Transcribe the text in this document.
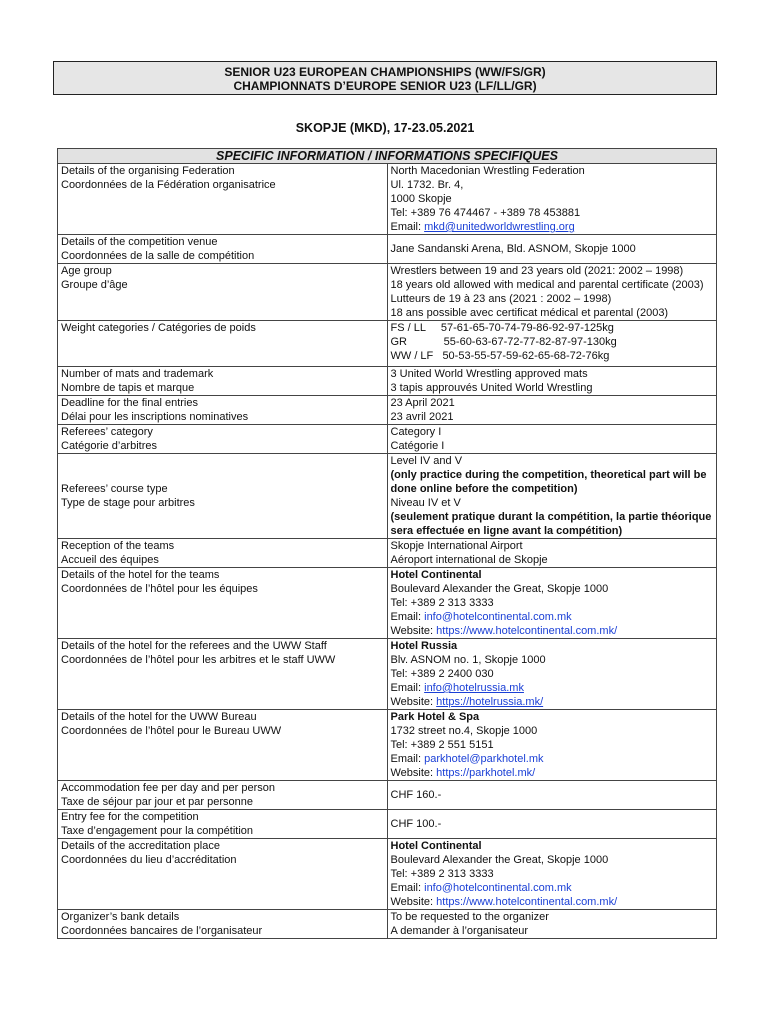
SENIOR U23 EUROPEAN CHAMPIONSHIPS (WW/FS/GR)
CHAMPIONNATS D’EUROPE SENIOR U23 (LF/LL/GR)
SKOPJE (MKD), 17-23.05.2021
SPECIFIC INFORMATION / INFORMATIONS SPECIFIQUES	

Details of the organising Federation
Coordonnées de la Fédération organisatrice	North Macedonian Wrestling Federation
Ul. 1732. Br. 4,
1000 Skopje
Tel: +389 76 474467 - +389 78 453881
Email: mkd@unitedworldwrestling.org

Details of the competition venue
Coordonnées de la salle de compétition	Jane Sandanski Arena, Bld. ASNOM, Skopje 1000

Age group
Groupe d’âge	Wrestlers between 19 and 23 years old (2021: 2002 – 1998)
18 years old allowed with medical and parental certificate (2003)
Lutteurs de 19 à 23 ans (2021 : 2002 – 1998)
18 ans possible avec certificat médical et parental (2003)

Weight categories / Catégories de poids	FS / LL     57-61-65-70-74-79-86-92-97-125kg
GR            55-60-63-67-72-77-82-87-97-130kg
WW / LF   50-53-55-57-59-62-65-68-72-76kg

Number of mats and trademark
Nombre de tapis et marque	3 United World Wrestling approved mats
3 tapis approuvés United World Wrestling

Deadline for the final entries
Délai pour les inscriptions nominatives	23 April 2021
23 avril 2021

Referees’ category
Catégorie d’arbitres	Category I
Catégorie I

Referees’ course type
Type de stage pour arbitres	Level IV and V
(only practice during the competition, theoretical part will be done online before the competition)
Niveau IV et V
(seulement pratique durant la compétition, la partie théorique sera effectuée en ligne avant la compétition)

Reception of the teams
Accueil des équipes	Skopje International Airport
Aéroport international de Skopje

Details of the hotel for the teams
Coordonnées de l’hôtel pour les équipes	Hotel Continental
Boulevard Alexander the Great, Skopje 1000
Tel: +389 2 313 3333
Email: info@hotelcontinental.com.mk
Website: https://www.hotelcontinental.com.mk/

Details of the hotel for the referees and the UWW Staff
Coordonnées de l’hôtel pour les arbitres et le staff UWW	Hotel Russia
Blv. ASNOM no. 1, Skopje 1000
Tel: +389 2 2400 030
Email: info@hotelrussia.mk
Website: https://hotelrussia.mk/

Details of the hotel for the UWW Bureau
Coordonnées de l’hôtel pour le Bureau UWW	Park Hotel & Spa
1732 street no.4, Skopje 1000
Tel: +389 2 551 5151
Email: parkhotel@parkhotel.mk
Website: https://parkhotel.mk/

Accommodation fee per day and per person
Taxe de séjour par jour et par personne	CHF 160.-

Entry fee for the competition
Taxe d’engagement pour la compétition	CHF 100.-

Details of the accreditation place
Coordonnées du lieu d’accréditation	Hotel Continental
Boulevard Alexander the Great, Skopje 1000
Tel: +389 2 313 3333
Email: info@hotelcontinental.com.mk
Website: https://www.hotelcontinental.com.mk/

Organizer’s bank details
Coordonnées bancaires de l’organisateur	To be requested to the organizer
A demander à l’organisateur
